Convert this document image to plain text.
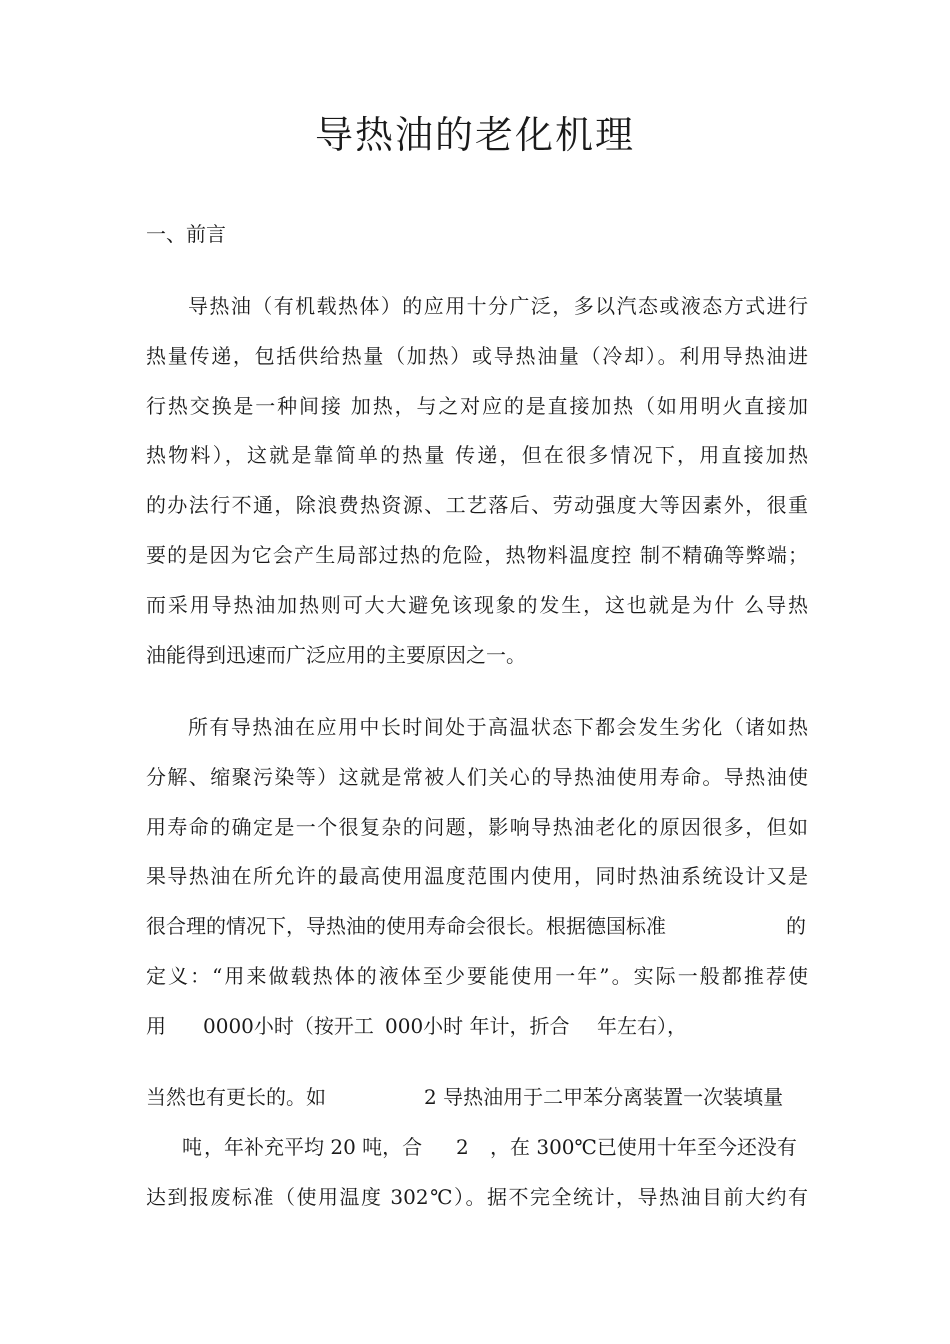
导热油的老化机理

一、前言

导热油（有机载热体）的应用十分广泛，多以汽态或液态方式进行
热量传递，包括供给热量（加热）或导热油量（冷却）。利用导热油进
行热交换是一种间接 加热，与之对应的是直接加热（如用明火直接加
热物料），这就是靠简单的热量 传递，但在很多情况下，用直接加热
的办法行不通，除浪费热资源、工艺落后、劳动强度大等因素外，很重
要的是因为它会产生局部过热的危险，热物料温度控 制不精确等弊端；
而采用导热油加热则可大大避免该现象的发生，这也就是为什 么导热
油能得到迅速而广泛应用的主要原因之一。
所有导热油在应用中长时间处于高温状态下都会发生劣化（诸如热
分解、缩聚污染等）这就是常被人们关心的导热油使用寿命。导热油使
用寿命的确定是一个很复杂的问题，影响导热油老化的原因很多，但如
果导热油在所允许的最高使用温度范围内使用，同时热油系统设计又是
很合理的情况下，导热油的使用寿命会很长。根据德国标准	的
定义：“用来做载热体的液体至少要能使用一年”。实际一般都推荐使
用 0000小时（按开工 000小时 年计，折合 年左右），
当然也有更长的。如	2 导热油用于二甲苯分离装置一次装填量
吨 ，年补充平均 20 吨，合 2 ，在 300℃已使用十年至今还没有
达到报废标准（使用温度 302℃）。据不完全统计，导热油目前大约有
